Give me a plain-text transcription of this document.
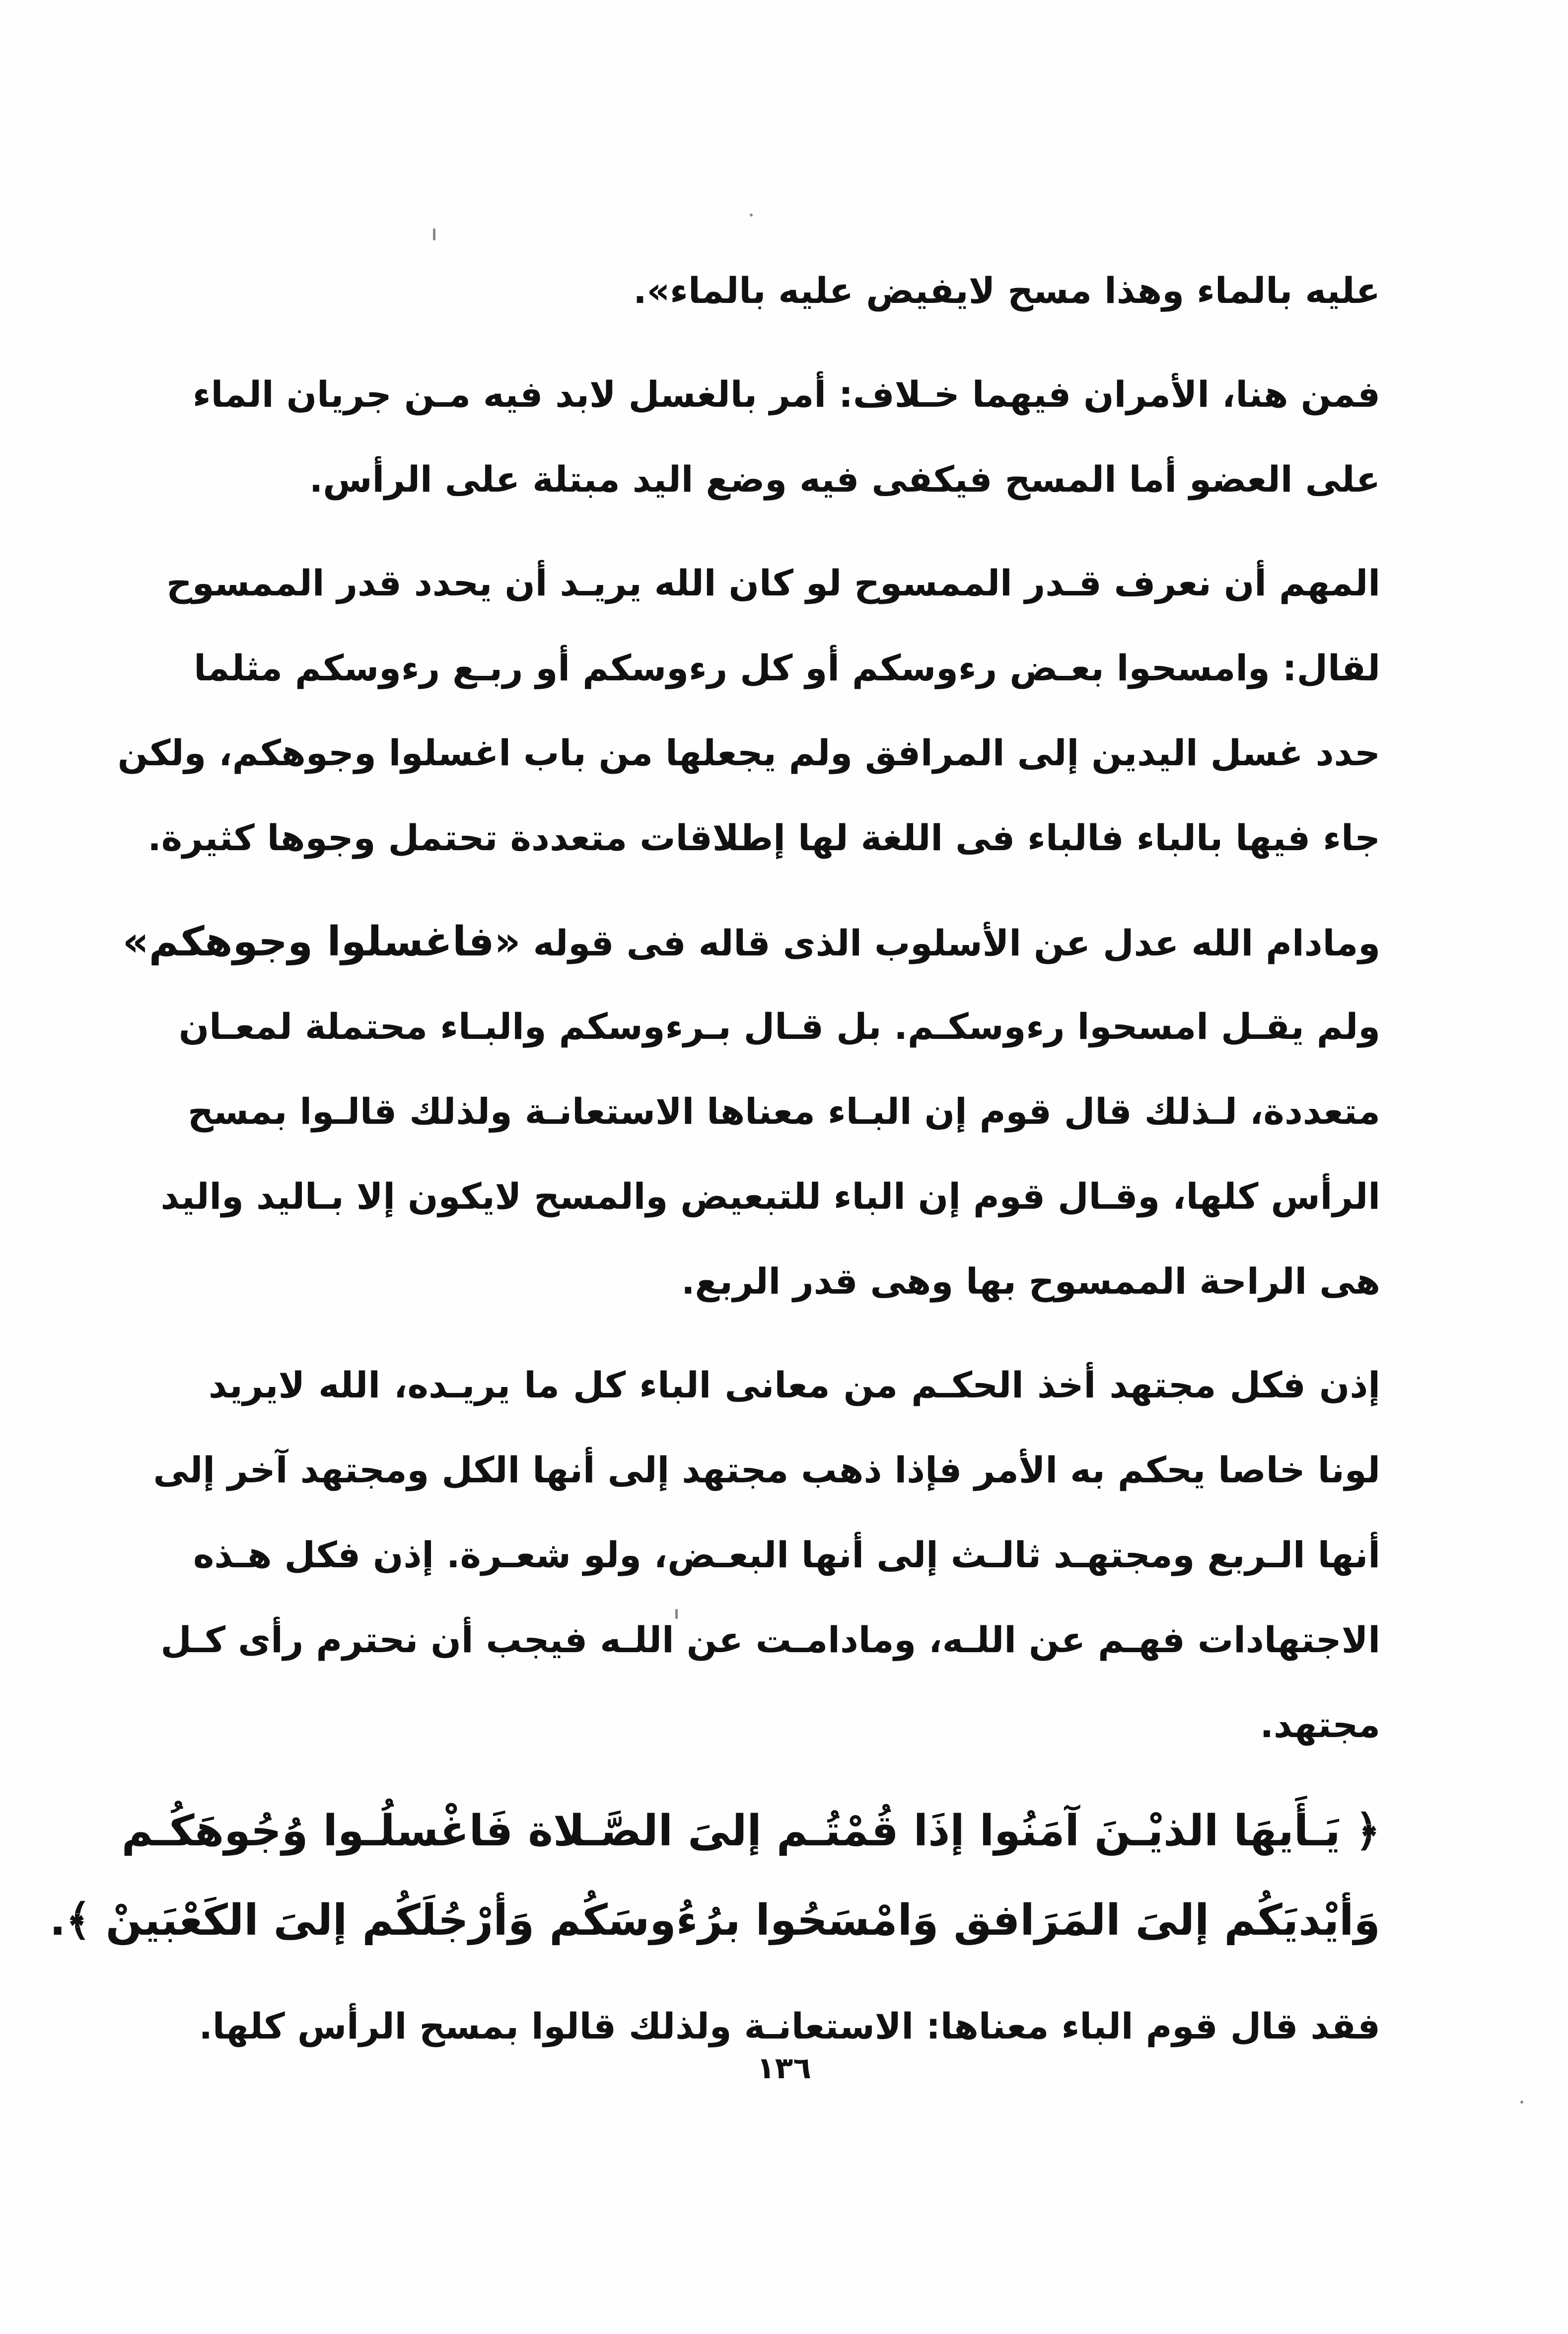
عليه بالماء وهذا مسح لايفيض عليه بالماء».
فمن هنا، الأمران فيهما خـلاف: أمر بالغسل لابد فيه مـن جريان الماء
على العضو أما المسح فيكفى فيه وضع اليد مبتلة على الرأس.
المهم أن نعرف قـدر الممسوح لو كان الله يريـد أن يحدد قدر الممسوح
لقال: وامسحوا بعـض رءوسكم أو كل رءوسكم أو ربـع رءوسكم مثلما
حدد غسل اليدين إلى المرافق ولم يجعلها من باب اغسلوا وجوهكم، ولكن
جاء فيها بالباء فالباء فى اللغة لها إطلاقات متعددة تحتمل وجوها كثيرة.
ومادام الله عدل عن الأسلوب الذى قاله فى قوله «فاغسلوا وجوهكم»
ولم يقـل امسحوا رءوسكـم. بل قـال بـرءوسكم والبـاء محتملة لمعـان
متعددة، لـذلك قال قوم إن البـاء معناها الاستعانـة ولذلك قالـوا بمسح
الرأس كلها، وقـال قوم إن الباء للتبعيض والمسح لايكون إلا بـاليد واليد
هى الراحة الممسوح بها وهى قدر الربع.
إذن فكل مجتهد أخذ الحكـم من معانى الباء كل ما يريـده، الله لايريد
لونا خاصا يحكم به الأمر فإذا ذهب مجتهد إلى أنها الكل ومجتهد آخر إلى
أنها الـربع ومجتهـد ثالـث إلى أنها البعـض، ولو شعـرة. إذن فكل هـذه
الاجتهادات فهـم عن اللـه، ومادامـت عن اللـه فيجب أن نحترم رأى كـل
مجتهد.
﴿ يَـأَيهَا الذيْـنَ آمَنُوا إذَا قُمْتُـم إلىَ الصَّـلاة فَاغْسلُـوا وُجُوهَكُـم
وَأيْديَكُم إلىَ المَرَافق وَامْسَحُوا برُءُوسَكُم وَأرْجُلَكُم إلىَ الكَعْبَينْ ﴾.
فقد قال قوم الباء معناها: الاستعانـة ولذلك قالوا بمسح الرأس كلها.
١٣٦
